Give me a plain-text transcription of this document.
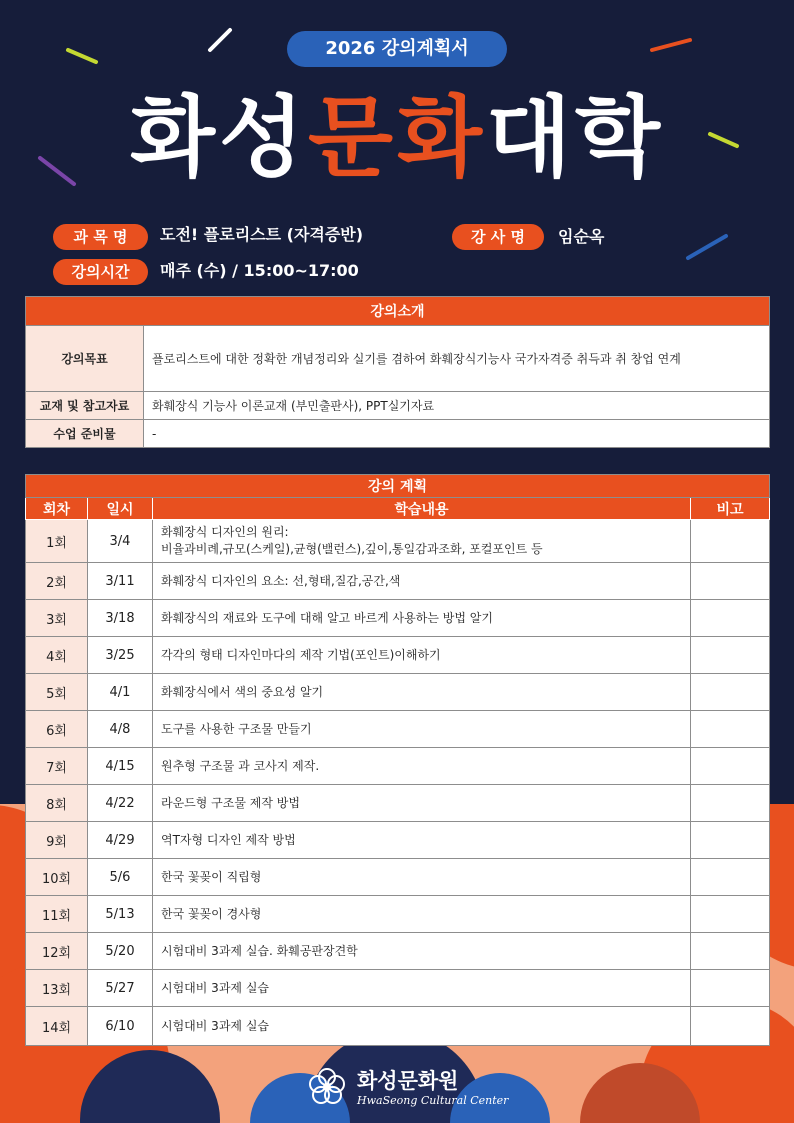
2026 강의계획서
화성문화대학
과 목 명	도전! 플로리스트 (자격증반)	강 사 명	임순옥
강의시간	매주 (수) / 15:00~17:00
강의소개	
강의목표	플로리스트에 대한 정확한 개념정리와 실기를 겸하여 화훼장식기능사 국가자격증 취득과 취 창업 연계
교재 및 참고자료	화훼장식 기능사 이론교재 (부민출판사), PPT실기자료
수업 준비물	-
강의 계획			
회차	일시	학습내용	비고
1회	3/4	화훼장식 디자인의 원리:
비율과비례,규모(스케일),균형(밸런스),깊이,통일감과조화, 포컬포인트 등	

2회	3/11	화훼장식 디자인의 요소: 선,형태,질감,공간,색	

3회	3/18	화훼장식의 재료와 도구에 대해 알고 바르게 사용하는 방법 알기	

4회	3/25	각각의 형태 디자인마다의 제작 기법(포인트)이해하기	

5회	4/1	화훼장식에서 색의 중요성 알기	

6회	4/8	도구를 사용한 구조물 만들기	

7회	4/15	원추형 구조물 과 코사지 제작.	

8회	4/22	라운드형 구조물 제작 방법	

9회	4/29	역T자형 디자인 제작 방법	

10회	5/6	한국 꽃꽂이 직립형	

11회	5/13	한국 꽃꽂이 경사형	

12회	5/20	시험대비 3과제 실습. 화훼공판장견학	

13회	5/27	시험대비 3과제 실습	

14회	6/10	시험대비 3과제 실습	

화성문화원
HwaSeong Cultural Center
